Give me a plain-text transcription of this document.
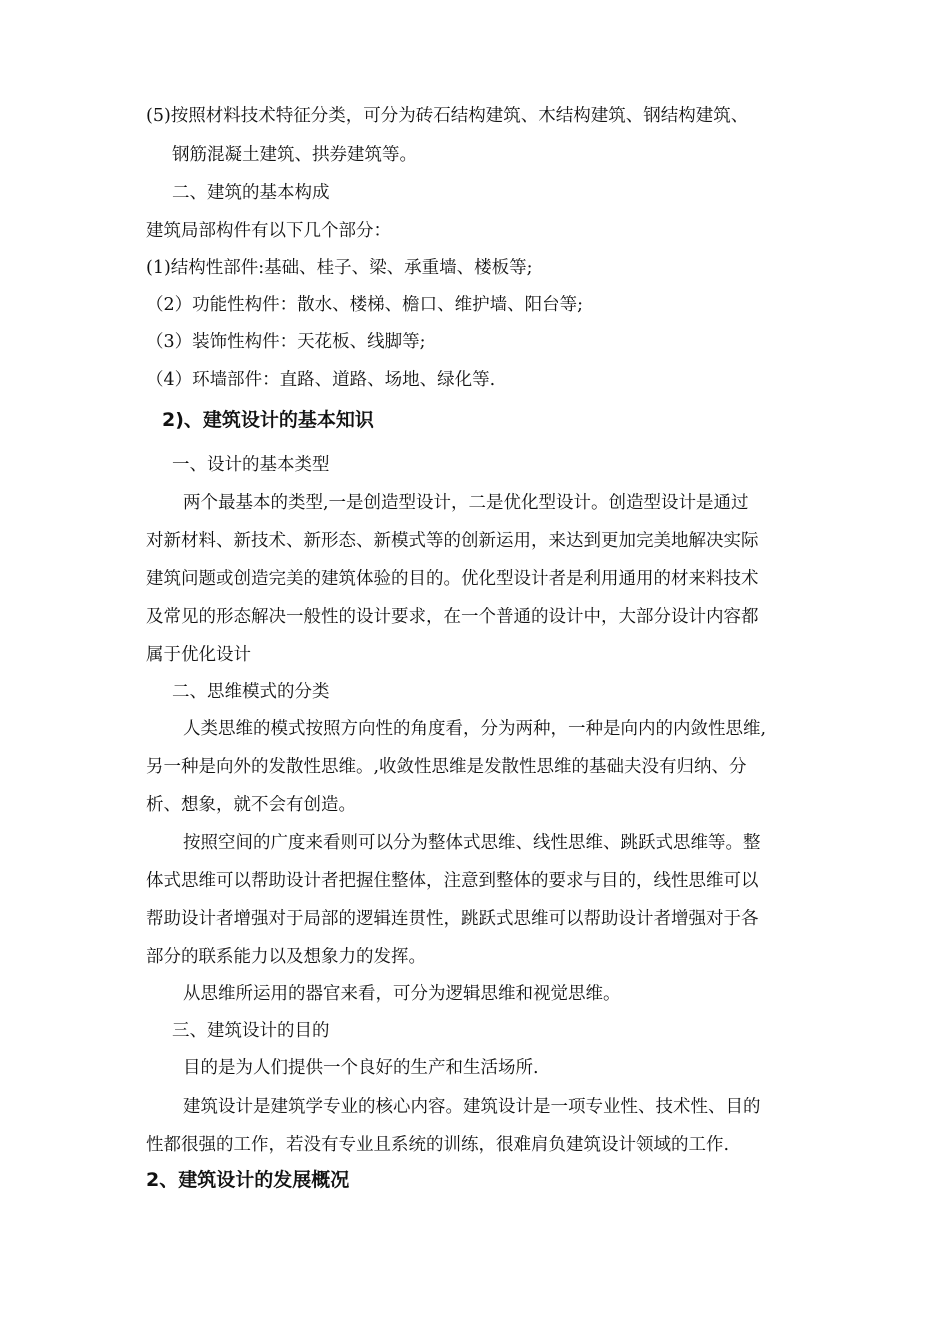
(5)按照材料技术特征分类，可分为砖石结构建筑、木结构建筑、钢结构建筑、
钢筋混凝土建筑、拱券建筑等。
二、建筑的基本构成
建筑局部构件有以下几个部分：
(1)结构性部件:基础、桂子、梁、承重墙、楼板等;
（2）功能性构件：散水、楼梯、檐口、维护墙、阳台等;
（3）装饰性构件：天花板、线脚等;
（4）环墙部件：直路、道路、场地、绿化等.
2)、建筑设计的基本知识
一、设计的基本类型
两个最基本的类型,一是创造型设计，二是优化型设计。创造型设计是通过
对新材料、新技术、新形态、新模式等的创新运用，来达到更加完美地解决实际
建筑问题或创造完美的建筑体验的目的。优化型设计者是利用通用的材来料技术
及常见的形态解决一般性的设计要求，在一个普通的设计中，大部分设计内容都
属于优化设计
二、思维模式的分类
人类思维的模式按照方向性的角度看，分为两种，一种是向内的内敛性思维,
另一种是向外的发散性思维。,收敛性思维是发散性思维的基础夫没有归纳、分
析、想象，就不会有创造。
按照空间的广度来看则可以分为整体式思维、线性思维、跳跃式思维等。整
体式思维可以帮助设计者把握住整体，注意到整体的要求与目的，线性思维可以
帮助设计者增强对于局部的逻辑连贯性，跳跃式思维可以帮助设计者增强对于各
部分的联系能力以及想象力的发挥。
从思维所运用的器官来看，可分为逻辑思维和视觉思维。
三、建筑设计的目的
目的是为人们提供一个良好的生产和生活场所.
建筑设计是建筑学专业的核心内容。建筑设计是一项专业性、技术性、目的
性都很强的工作，若没有专业且系统的训练，很难肩负建筑设计领域的工作.
2、建筑设计的发展概况
